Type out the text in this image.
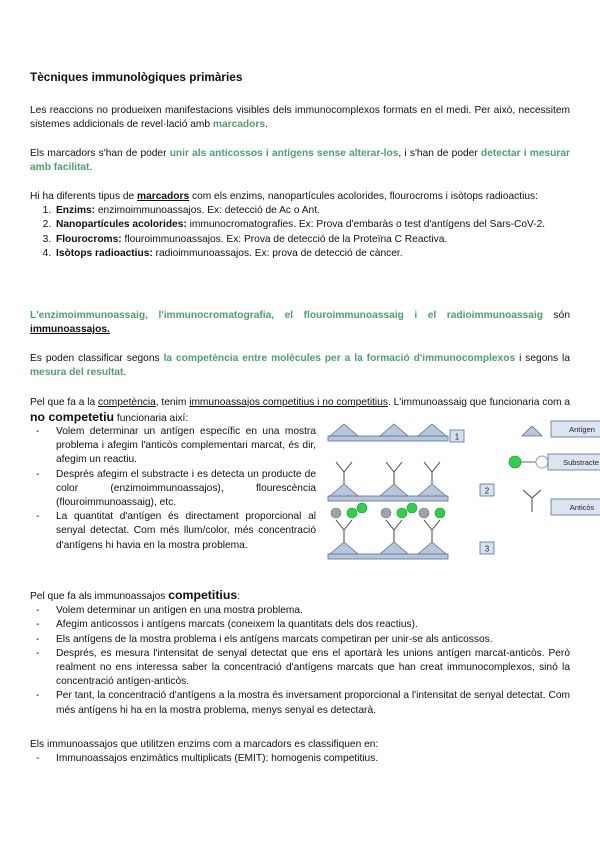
Tècniques immunològiques primàries

Les reaccions no produeixen manifestacions visibles dels immunocomplexos formats en el medi. Per això, necessitem sistemes addicionals de revel·lació amb marcadors.

Els marcadors s'han de poder unir als anticossos i antígens sense alterar-los, i s'han de poder detectar i mesurar amb facilitat.

Hi ha diferents tipus de marcadors com els enzims, nanopartícules acolorides, flourocroms i isòtops radioactius:

1. Enzims: enzimoimmunoassajos. Ex: detecció de Ac o Ant.
2. Nanopartícules acolorides: immunocromatografies. Ex: Prova d'embaràs o test d'antígens del Sars-CoV-2.
3. Flourocroms: flouroimmunoassajos. Ex: Prova de detecció de la Proteïna C Reactiva.
4. Isòtops radioactius: radioimmunoassajos. Ex: prova de detecció de càncer.

L'enzimoimmunoassaig, l'immunocromatografia, el flouroimmunoassaig i el radioimmunoassaig són immunoassajos.

Es poden classificar segons la competència entre molècules per a la formació d'immunocomplexos i segons la mesura del resultat.

Pel que fa a la competència, tenim immunoassajos competitius i no competitius. L'immunoassaig que funcionaria com a no competetiu funcionaria així:

- Volem determinar un antígen específic en una mostra problema i afegim l'anticòs complementari marcat, és dir, afegim un reactiu.
- Després afegim el substracte i es detecta un producte de color (enzimoimmunoassajos), flourescència (flouroimmunoassaig), etc.
- La quantitat d'antígen és directament proporcional al senyal detectat. Com més llum/color, més concentració d'antígens hi havia en la mostra problema.
1
2
3
Antígen
Substracte
Anticòs

Pel que fa als immunoassajos competitius:

- Volem determinar un antígen en una mostra problema.
- Afegim anticossos i antígens marcats (coneixem la quantitats dels dos reactius).
- Els antígens de la mostra problema i els antígens marcats competiran per unir-se als anticossos.
- Després, es mesura l'intensitat de senyal detectat que ens el aportarà les unions antígen marcat-anticòs. Però realment no ens interessa saber la concentració d'antígens marcats que han creat immunocomplexos, sinó la concentració antígen-anticòs.
- Per tant, la concentració d'antígens a la mostra és inversament proporcional a l'intensitat de senyal detectat. Com més antígens hi ha en la mostra problema, menys senyal es detectarà.

Els immunoassajos que utilitzen enzims com a marcadors es classifiquen en:

- Immunoassajos enzimàtics multiplicats (EMIT): homogenis competitius.
